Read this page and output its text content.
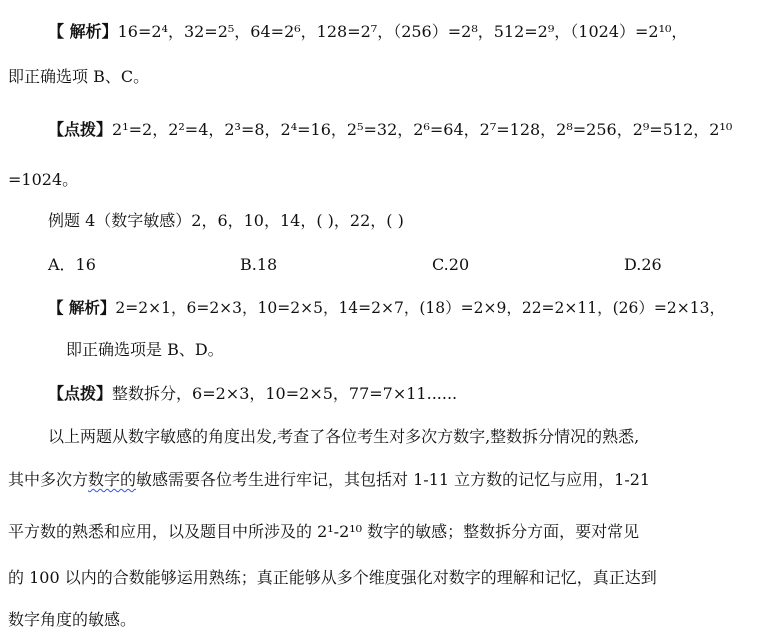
【 解析】16=2⁴，32=2⁵，64=2⁶，128=2⁷，（256）=2⁸，512=2⁹，（1024）=2¹⁰，
即正确选项 B、C。
【点拨】2¹=2，2²=4，2³=8，2⁴=16，2⁵=32，2⁶=64，2⁷=128，2⁸=256，2⁹=512，2¹⁰
=1024。
例题 4（数字敏感）2，6，10，14，( )，22，( )
A．16	B.18	C.20	D.26
【 解析】2=2×1，6=2×3，10=2×5，14=2×7，(18）=2×9，22=2×11，(26）=2×13，
即正确选项是 B、D。
【点拨】整数拆分，6=2×3，10=2×5，77=7×11......
以上两题从数字敏感的角度出发,考查了各位考生对多次方数字,整数拆分情况的熟悉,
其中多次方数字的敏感需要各位考生进行牢记，其包括对 1-11 立方数的记忆与应用，1-21
平方数的熟悉和应用，以及题目中所涉及的 2¹-2¹⁰ 数字的敏感；整数拆分方面，要对常见
的 100 以内的合数能够运用熟练；真正能够从多个维度强化对数字的理解和记忆，真正达到
数字角度的敏感。
